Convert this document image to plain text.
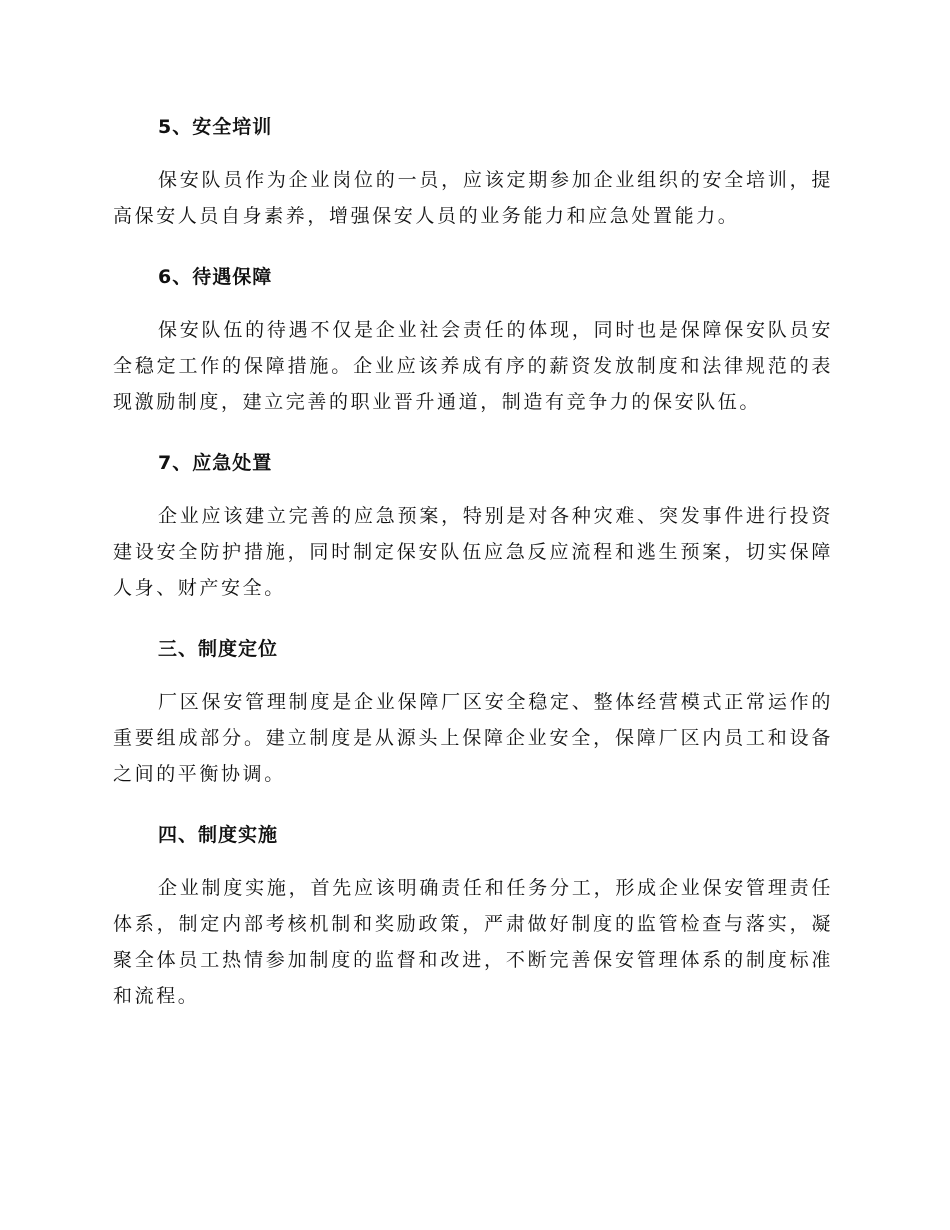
5、安全培训

保安队员作为企业岗位的一员，应该定期参加企业组织的安全培训，提高保安人员自身素养，增强保安人员的业务能力和应急处置能力。

6、待遇保障

保安队伍的待遇不仅是企业社会责任的体现，同时也是保障保安队员安全稳定工作的保障措施。企业应该养成有序的薪资发放制度和法律规范的表现激励制度，建立完善的职业晋升通道，制造有竞争力的保安队伍。

7、应急处置

企业应该建立完善的应急预案，特别是对各种灾难、突发事件进行投资建设安全防护措施，同时制定保安队伍应急反应流程和逃生预案，切实保障人身、财产安全。

三、制度定位

厂区保安管理制度是企业保障厂区安全稳定、整体经营模式正常运作的重要组成部分。建立制度是从源头上保障企业安全，保障厂区内员工和设备之间的平衡协调。

四、制度实施

企业制度实施，首先应该明确责任和任务分工，形成企业保安管理责任体系，制定内部考核机制和奖励政策，严肃做好制度的监管检查与落实，凝聚全体员工热情参加制度的监督和改进，不断完善保安管理体系的制度标准和流程。
